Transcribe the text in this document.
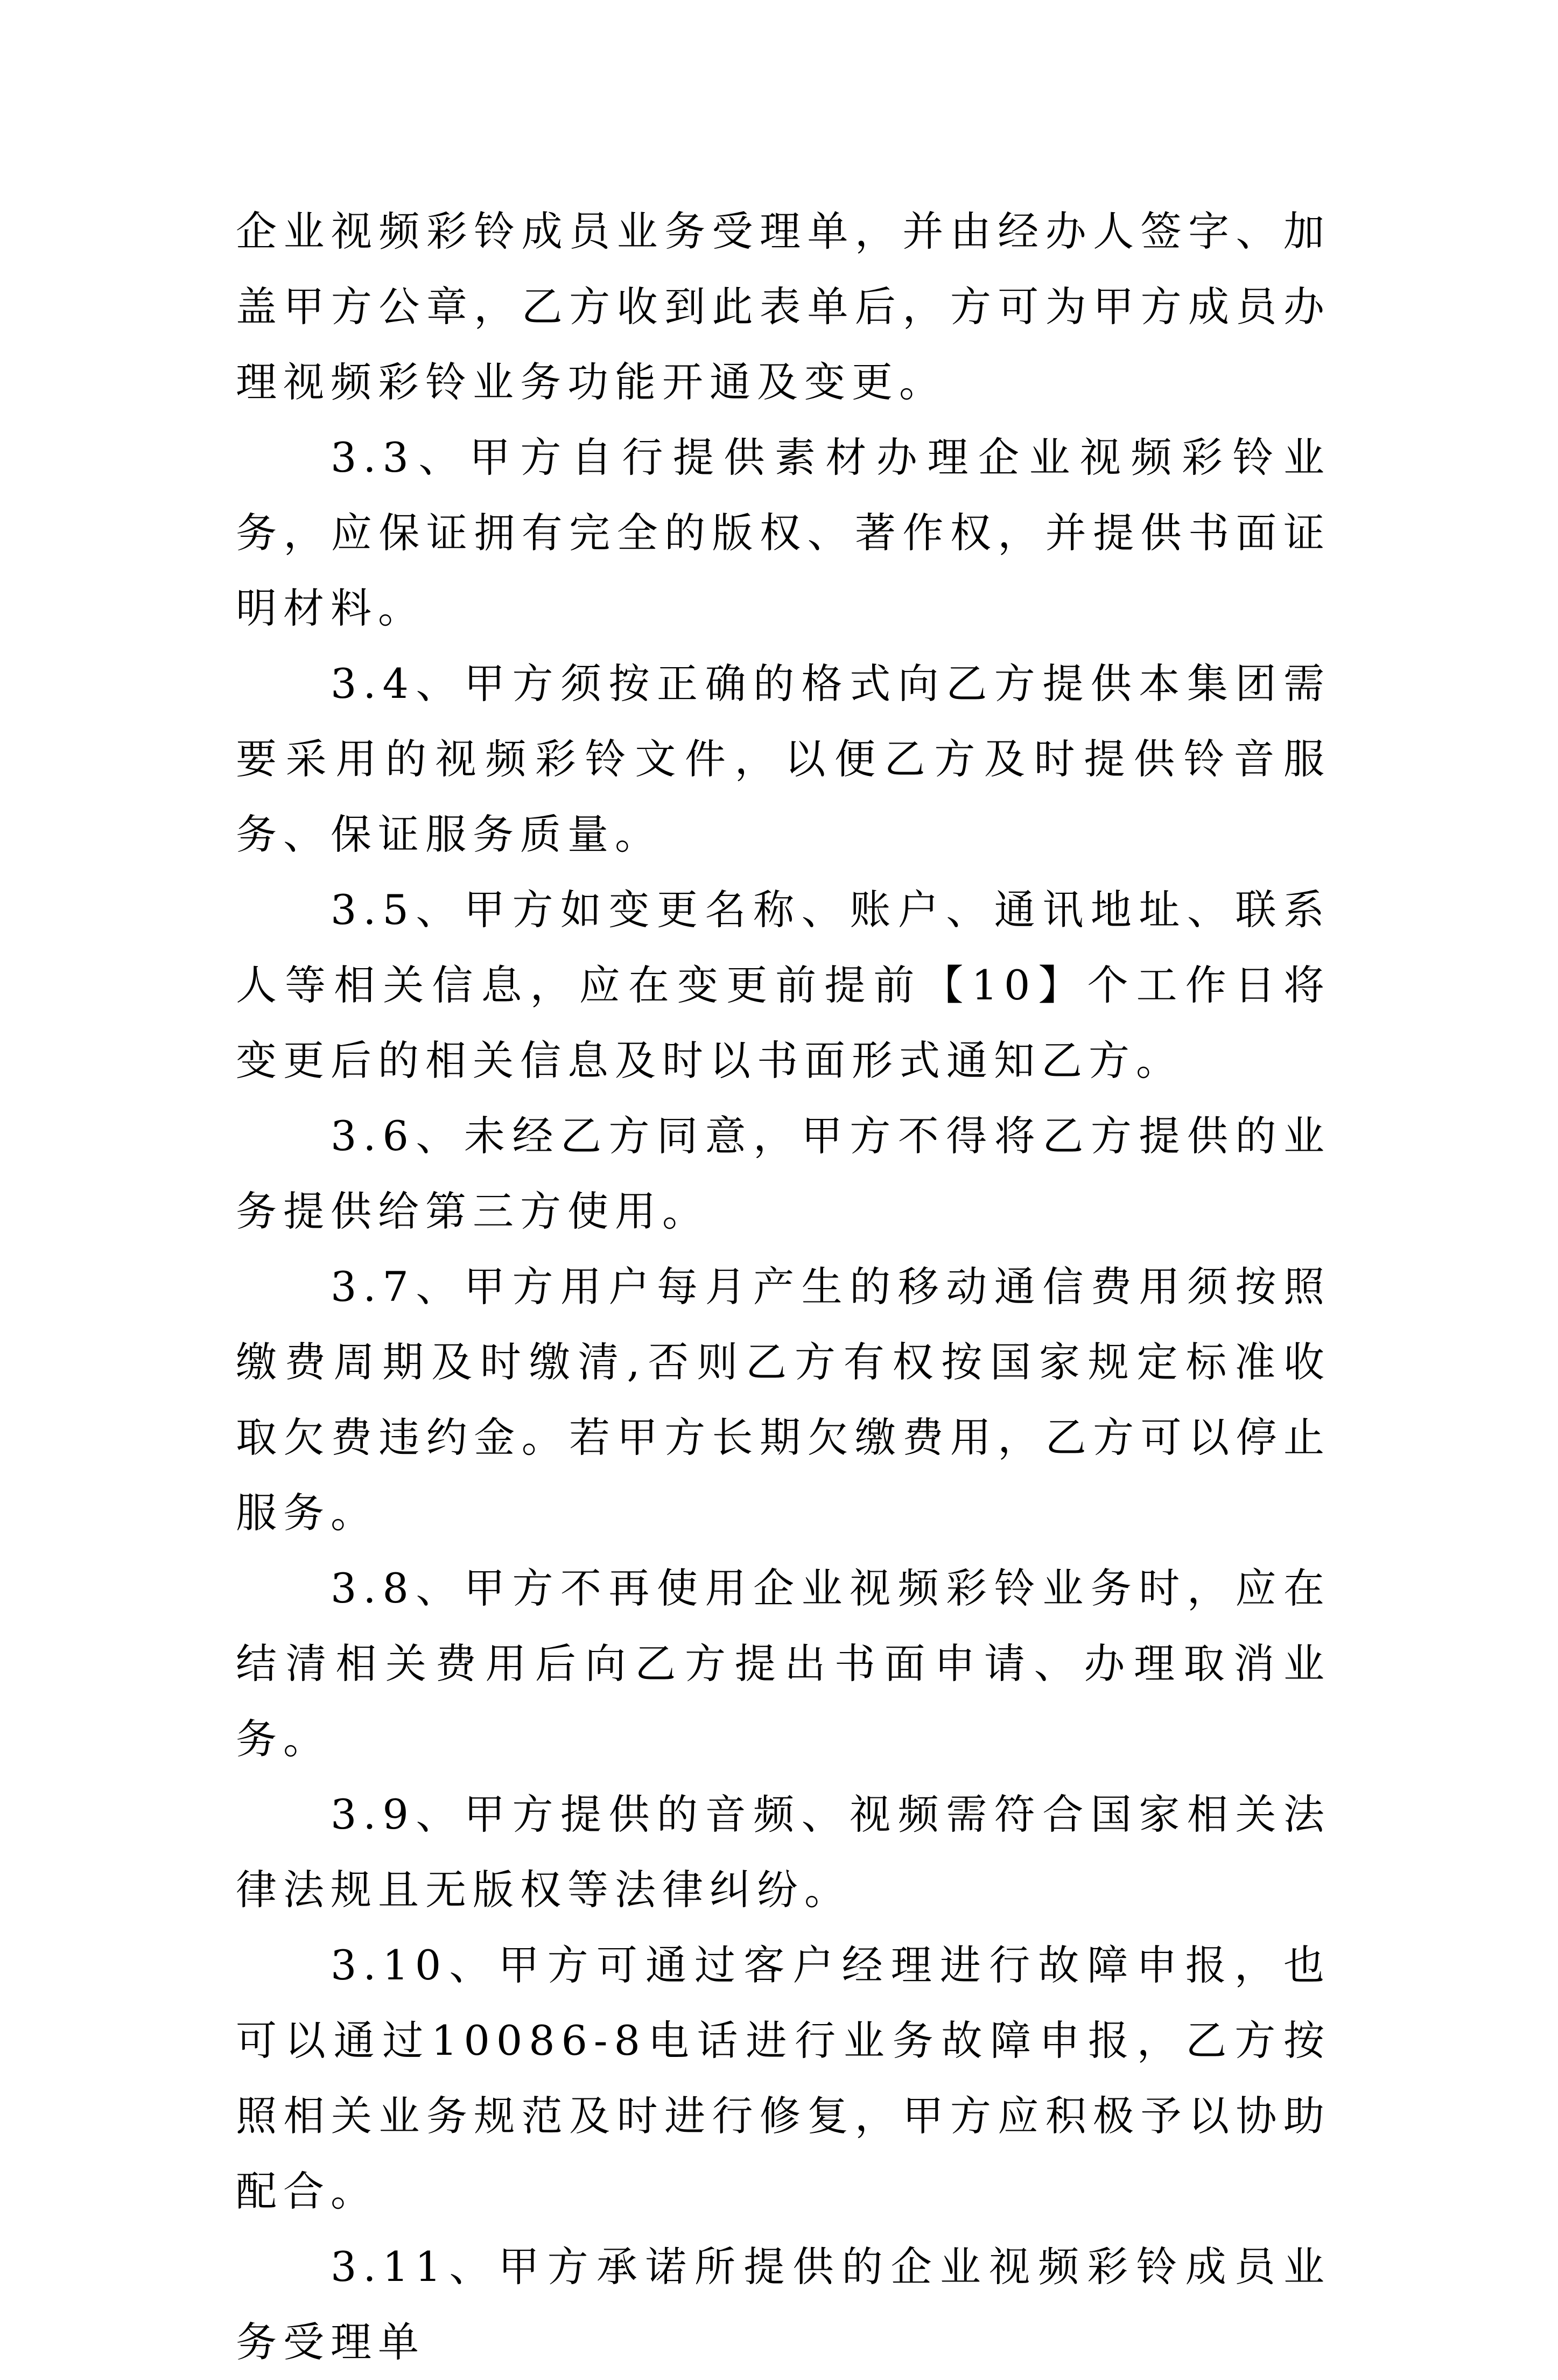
企业视频彩铃成员业务受理单，并由经办人签字、加盖甲方公章，乙方收到此表单后，方可为甲方成员办理视频彩铃业务功能开通及变更。

3.3、甲方自行提供素材办理企业视频彩铃业务，应保证拥有完全的版权、著作权，并提供书面证明材料。

3.4、甲方须按正确的格式向乙方提供本集团需要采用的视频彩铃文件，以便乙方及时提供铃音服务、保证服务质量。

3.5、甲方如变更名称、账户、通讯地址、联系人等相关信息，应在变更前提前【10】个工作日将变更后的相关信息及时以书面形式通知乙方。

3.6、未经乙方同意，甲方不得将乙方提供的业务提供给第三方使用。

3.7、甲方用户每月产生的移动通信费用须按照缴费周期及时缴清,否则乙方有权按国家规定标准收取欠费违约金。若甲方长期欠缴费用，乙方可以停止服务。

3.8、甲方不再使用企业视频彩铃业务时，应在结清相关费用后向乙方提出书面申请、办理取消业务。

3.9、甲方提供的音频、视频需符合国家相关法律法规且无版权等法律纠纷。

3.10、甲方可通过客户经理进行故障申报，也可以通过10086-8电话进行业务故障申报，乙方按照相关业务规范及时进行修复，甲方应积极予以协助配合。

3.11、甲方承诺所提供的企业视频彩铃成员业务受理单
